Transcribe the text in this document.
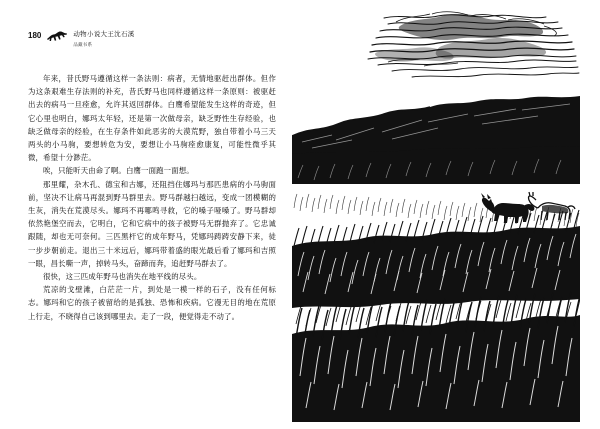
180	动物小说大王沈石溪
品藏书系

年来，昔氏野马遵循这样一条法则：病者，无情地驱赶出群体。但作为这条艰难生存法则的补充，昔氏野马也同样遵循这样一条原则：被驱赶出去的病马一旦痊愈，允许其返回群体。白鹰希望能发生这样的奇迹，但它心里也明白，娜玛太年轻，还是第一次做母亲，缺乏野性生存经验，也缺乏做母亲的经验，在生存条件如此恶劣的大漠荒野，独自带着小马三天两头的小马驹，要想转危为安，要想让小马驹痊愈康复，可能性微乎其微，希望十分渺茫。

唉，只能听天由命了啊。白鹰一面跑一面想。

那里耀，杂木孔、德宝和古娜，还阻挡住娜玛与那匹患病的小马驹面前，坚决不让病马再混到野马群里去。野马群越扫越远，变成一团模糊的生灰，消失在荒漠尽头。娜玛不再哪鸣寻救，它的嗓子哑嗓了。野马群却依然艳堡空而去，它明白，它和它病中的孩子被野马无群抛弃了。它忠诚跟随，却也无可奈何。三匹黑杆它的成年野马，凭娜玛踌踌安静下来，徒一步步朝前走。退出三十米远后，娜玛带着盛的眼光最后看了娜玛和吉照一眼，昌长嘶一声，掉转马头，奋蹄而奔，追赶野马群去了。

很快，这三匹成年野马也消失在地平线的尽头。

荒凉的戈壁滩，白茫茫一片，到处是一模一样的石子，没有任何标志。娜玛和它的孩子被留给的是孤独、恐怖和疾病。它漫无目的地在荒原上行走，不晓得自己该到哪里去。走了一段，便觉得走不动了。
